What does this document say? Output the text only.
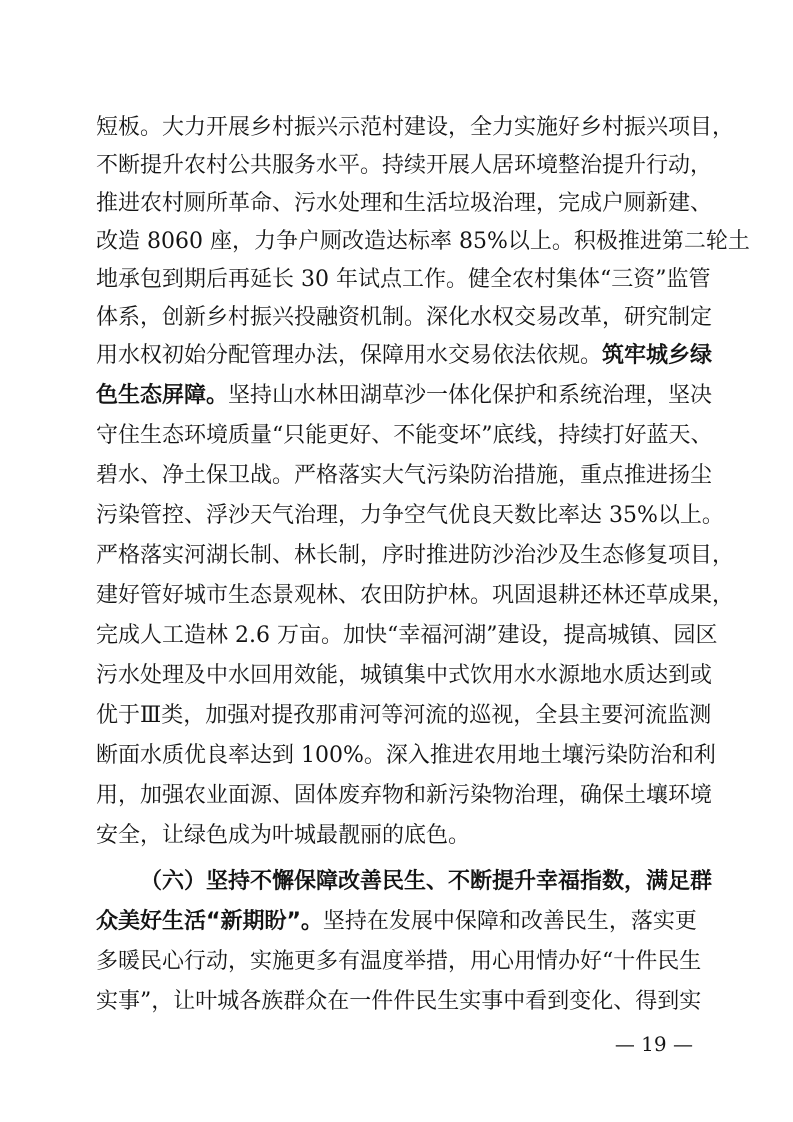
短板。大力开展乡村振兴示范村建设，全力实施好乡村振兴项目，
不断提升农村公共服务水平。持续开展人居环境整治提升行动，
推进农村厕所革命、污水处理和生活垃圾治理，完成户厕新建、
改造 8060 座，力争户厕改造达标率 85%以上。积极推进第二轮土
地承包到期后再延长 30 年试点工作。健全农村集体“三资”监管
体系，创新乡村振兴投融资机制。深化水权交易改革，研究制定
用水权初始分配管理办法，保障用水交易依法依规。筑牢城乡绿
色生态屏障。坚持山水林田湖草沙一体化保护和系统治理，坚决
守住生态环境质量“只能更好、不能变坏”底线，持续打好蓝天、
碧水、净土保卫战。严格落实大气污染防治措施，重点推进扬尘
污染管控、浮沙天气治理，力争空气优良天数比率达 35%以上。
严格落实河湖长制、林长制，序时推进防沙治沙及生态修复项目，
建好管好城市生态景观林、农田防护林。巩固退耕还林还草成果，
完成人工造林 2.6 万亩。加快“幸福河湖”建设，提高城镇、园区
污水处理及中水回用效能，城镇集中式饮用水水源地水质达到或
优于Ⅲ类，加强对提孜那甫河等河流的巡视，全县主要河流监测
断面水质优良率达到 100%。深入推进农用地土壤污染防治和利
用，加强农业面源、固体废弃物和新污染物治理，确保土壤环境
安全，让绿色成为叶城最靓丽的底色。
（六）坚持不懈保障改善民生、不断提升幸福指数，满足群
众美好生活“新期盼”。坚持在发展中保障和改善民生，落实更
多暖民心行动，实施更多有温度举措，用心用情办好“十件民生
实事”，让叶城各族群众在一件件民生实事中看到变化、得到实
— 19 —
